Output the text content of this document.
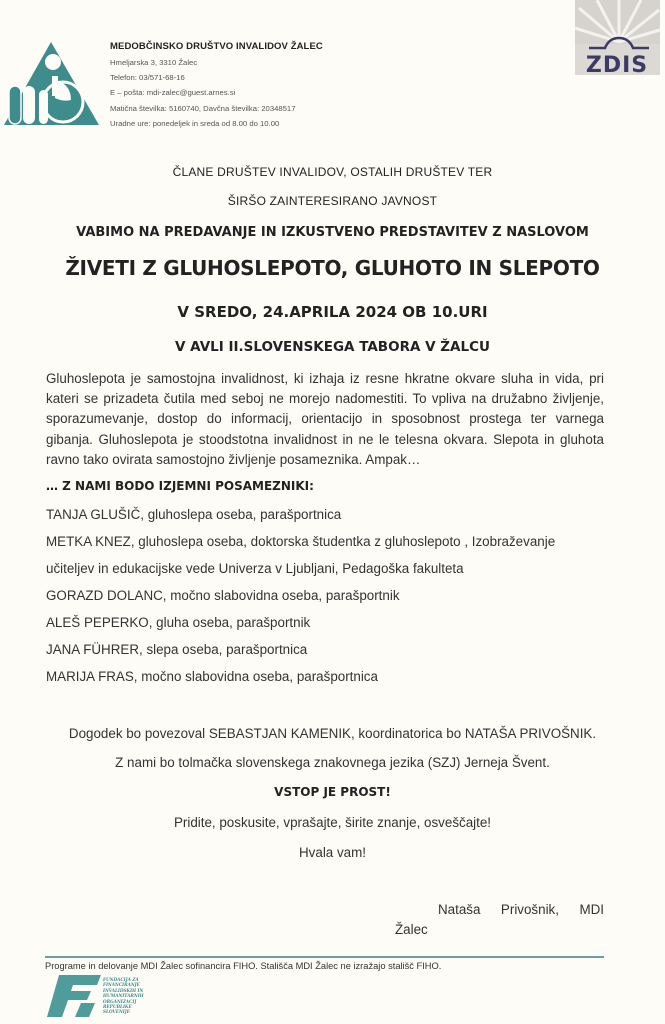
MEDOBČINSKO DRUŠTVO INVALIDOV ŽALEC
Hmeljarska 3, 3310 Žalec
Telefon: 03/571-68-16
E – pošta: mdi-zalec@guest.arnes.si
Matična številka: 5160740, Davčna številka: 20348517
Uradne ure: ponedeljek in sreda od 8.00 do 10.00
ZDIS
ČLANE DRUŠTEV INVALIDOV, OSTALIH DRUŠTEV TER
ŠIRŠO ZAINTERESIRANO JAVNOST
VABIMO NA PREDAVANJE IN IZKUSTVENO PREDSTAVITEV Z NASLOVOM
ŽIVETI Z GLUHOSLEPOTO, GLUHOTO IN SLEPOTO
V SREDO, 24.APRILA 2024 OB 10.URI
V AVLI II.SLOVENSKEGA TABORA V ŽALCU
Gluhoslepota je samostojna invalidnost, ki izhaja iz resne hkratne okvare sluha in vida, pri
kateri se prizadeta čutila med seboj ne morejo nadomestiti. To vpliva na družabno življenje,
sporazumevanje, dostop do informacij, orientacijo in sposobnost prostega ter varnega
gibanja. Gluhoslepota je stoodstotna invalidnost in ne le telesna okvara. Slepota in gluhota
ravno tako ovirata samostojno življenje posameznika. Ampak…
… Z NAMI BODO IZJEMNI POSAMEZNIKI:
TANJA GLUŠIČ, gluhoslepa oseba, parašportnica
METKA KNEZ, gluhoslepa oseba, doktorska študentka z gluhoslepoto , Izobraževanje
učiteljev in edukacijske vede Univerza v Ljubljani, Pedagoška fakulteta
GORAZD DOLANC, močno slabovidna oseba, parašportnik
ALEŠ PEPERKO, gluha oseba, parašportnik
JANA FÜHRER, slepa oseba, parašportnica
MARIJA FRAS, močno slabovidna oseba, parašportnica
Dogodek bo povezoval SEBASTJAN KAMENIK, koordinatorica bo NATAŠA PRIVOŠNIK.
Z nami bo tolmačka slovenskega znakovnega jezika (SZJ) Jerneja Švent.
VSTOP JE PROST!
Pridite, poskusite, vprašajte, širite znanje, osveščajte!
Hvala vam!
Nataša Privošnik, MDI
Žalec
Programe in delovanje MDI Žalec sofinancira FIHO. Stališča MDI Žalec ne izražajo stališč FIHO.
FUNDACIJA ZA
FINANCIRANJE
INVALIDSKIH IN
HUMANITARNIH
ORGANIZACIJ
REPUBLIKE
SLOVENIJE
